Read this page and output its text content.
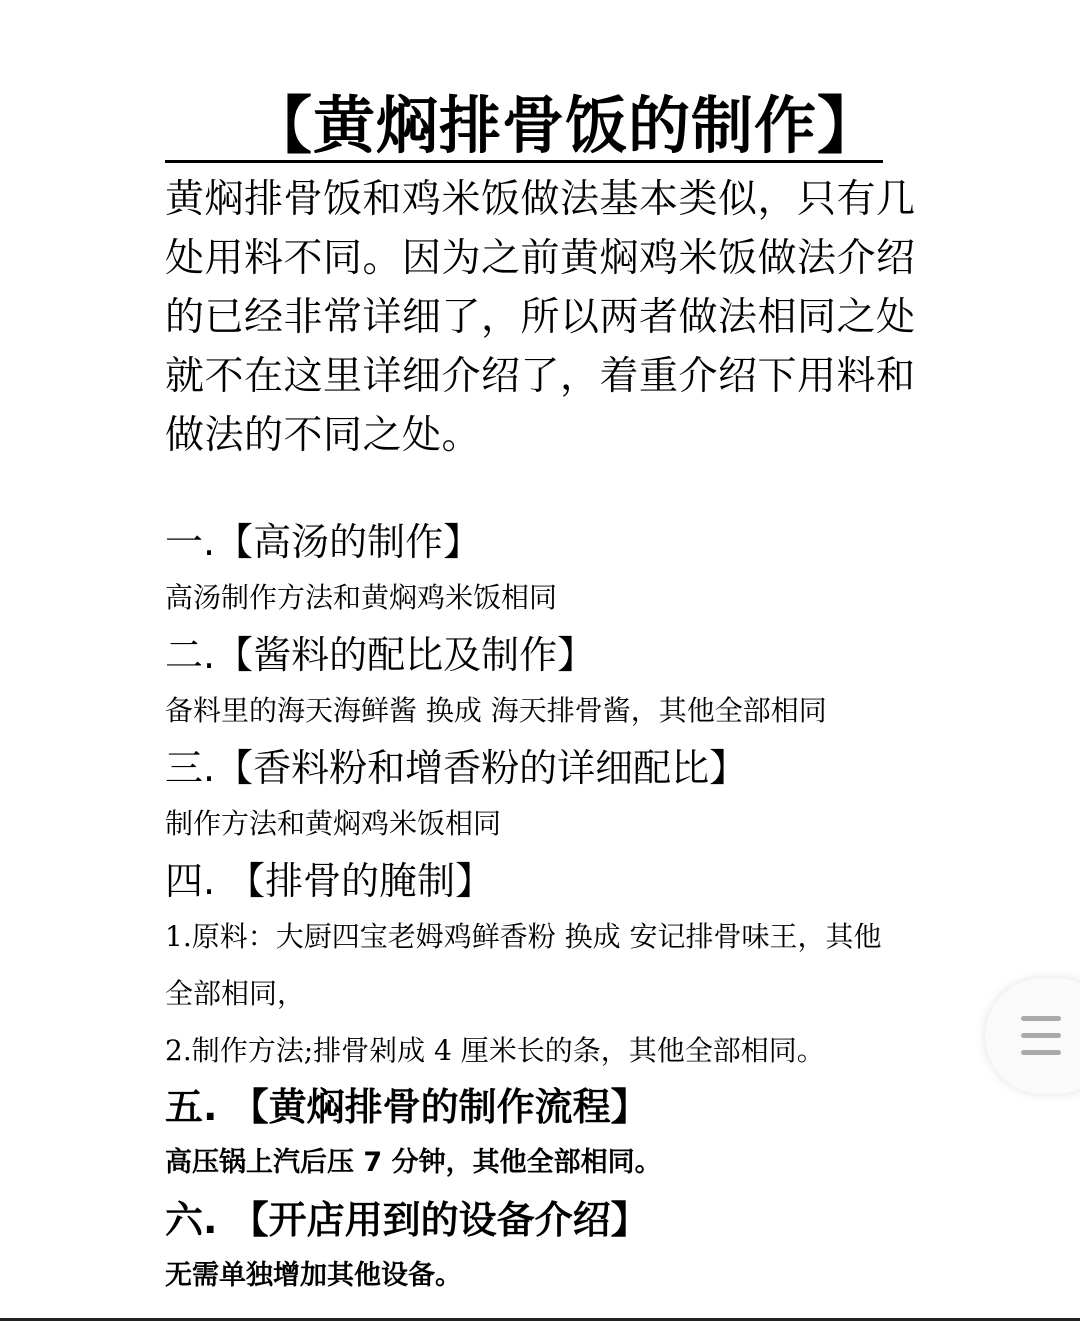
【黄焖排骨饭的制作】
黄焖排骨饭和鸡米饭做法基本类似，只有几
处用料不同。因为之前黄焖鸡米饭做法介绍
的已经非常详细了，所以两者做法相同之处
就不在这里详细介绍了，着重介绍下用料和
做法的不同之处。
一.【高汤的制作】
高汤制作方法和黄焖鸡米饭相同
二.【酱料的配比及制作】
备料里的海天海鲜酱 换成 海天排骨酱，其他全部相同
三.【香料粉和增香粉的详细配比】
制作方法和黄焖鸡米饭相同
四. 【排骨的腌制】
1.原料：大厨四宝老姆鸡鲜香粉 换成 安记排骨味王，其他
全部相同，
2.制作方法;排骨剁成 4 厘米长的条，其他全部相同。
五. 【黄焖排骨的制作流程】
高压锅上汽后压 7 分钟，其他全部相同。
六. 【开店用到的设备介绍】
无需单独增加其他设备。
